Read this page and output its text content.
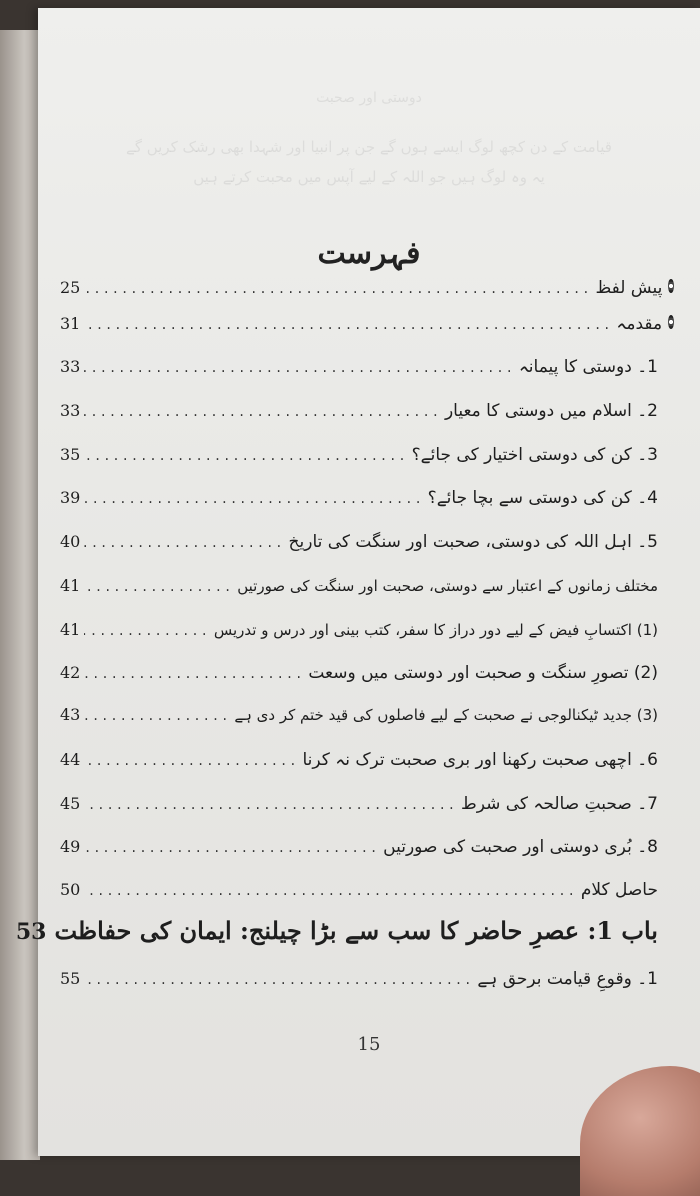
دوستی اور صحبت
قیامت کے دن کچھ لوگ ایسے ہوں گے جن پر انبیا اور شہدا بھی رشک کریں گے
یہ وہ لوگ ہیں جو اللہ کے لیے آپس میں محبت کرتے ہیں
فہرست
پیش لفظ
.....
25
مقدمہ
.....
31
1۔ دوستی کا پیمانہ
.....
33
2۔ اسلام میں دوستی کا معیار
.....
33
3۔ کن کی دوستی اختیار کی جائے؟
.....
35
4۔ کن کی دوستی سے بچا جائے؟
.....
39
5۔ اہل اللہ کی دوستی، صحبت اور سنگت کی تاریخ
.....
40
مختلف زمانوں کے اعتبار سے دوستی، صحبت اور سنگت کی صورتیں
.....
41
(1) اکتسابِ فیض کے لیے دور دراز کا سفر، کتب بینی اور درس و تدریس
.....
41
(2) تصورِ سنگت و صحبت اور دوستی میں وسعت
.....
42
(3) جدید ٹیکنالوجی نے صحبت کے لیے فاصلوں کی قید ختم کر دی ہے
.....
43
6۔ اچھی صحبت رکھنا اور بری صحبت ترک نہ کرنا
.....
44
7۔ صحبتِ صالحہ کی شرط
.....
45
8۔ بُری دوستی اور صحبت کی صورتیں
.....
49
حاصل کلام
.....
50
باب 1: عصرِ حاضر کا سب سے بڑا چیلنج: ایمان کی حفاظت
53
1۔ وقوعِ قیامت برحق ہے
.....
55
15
